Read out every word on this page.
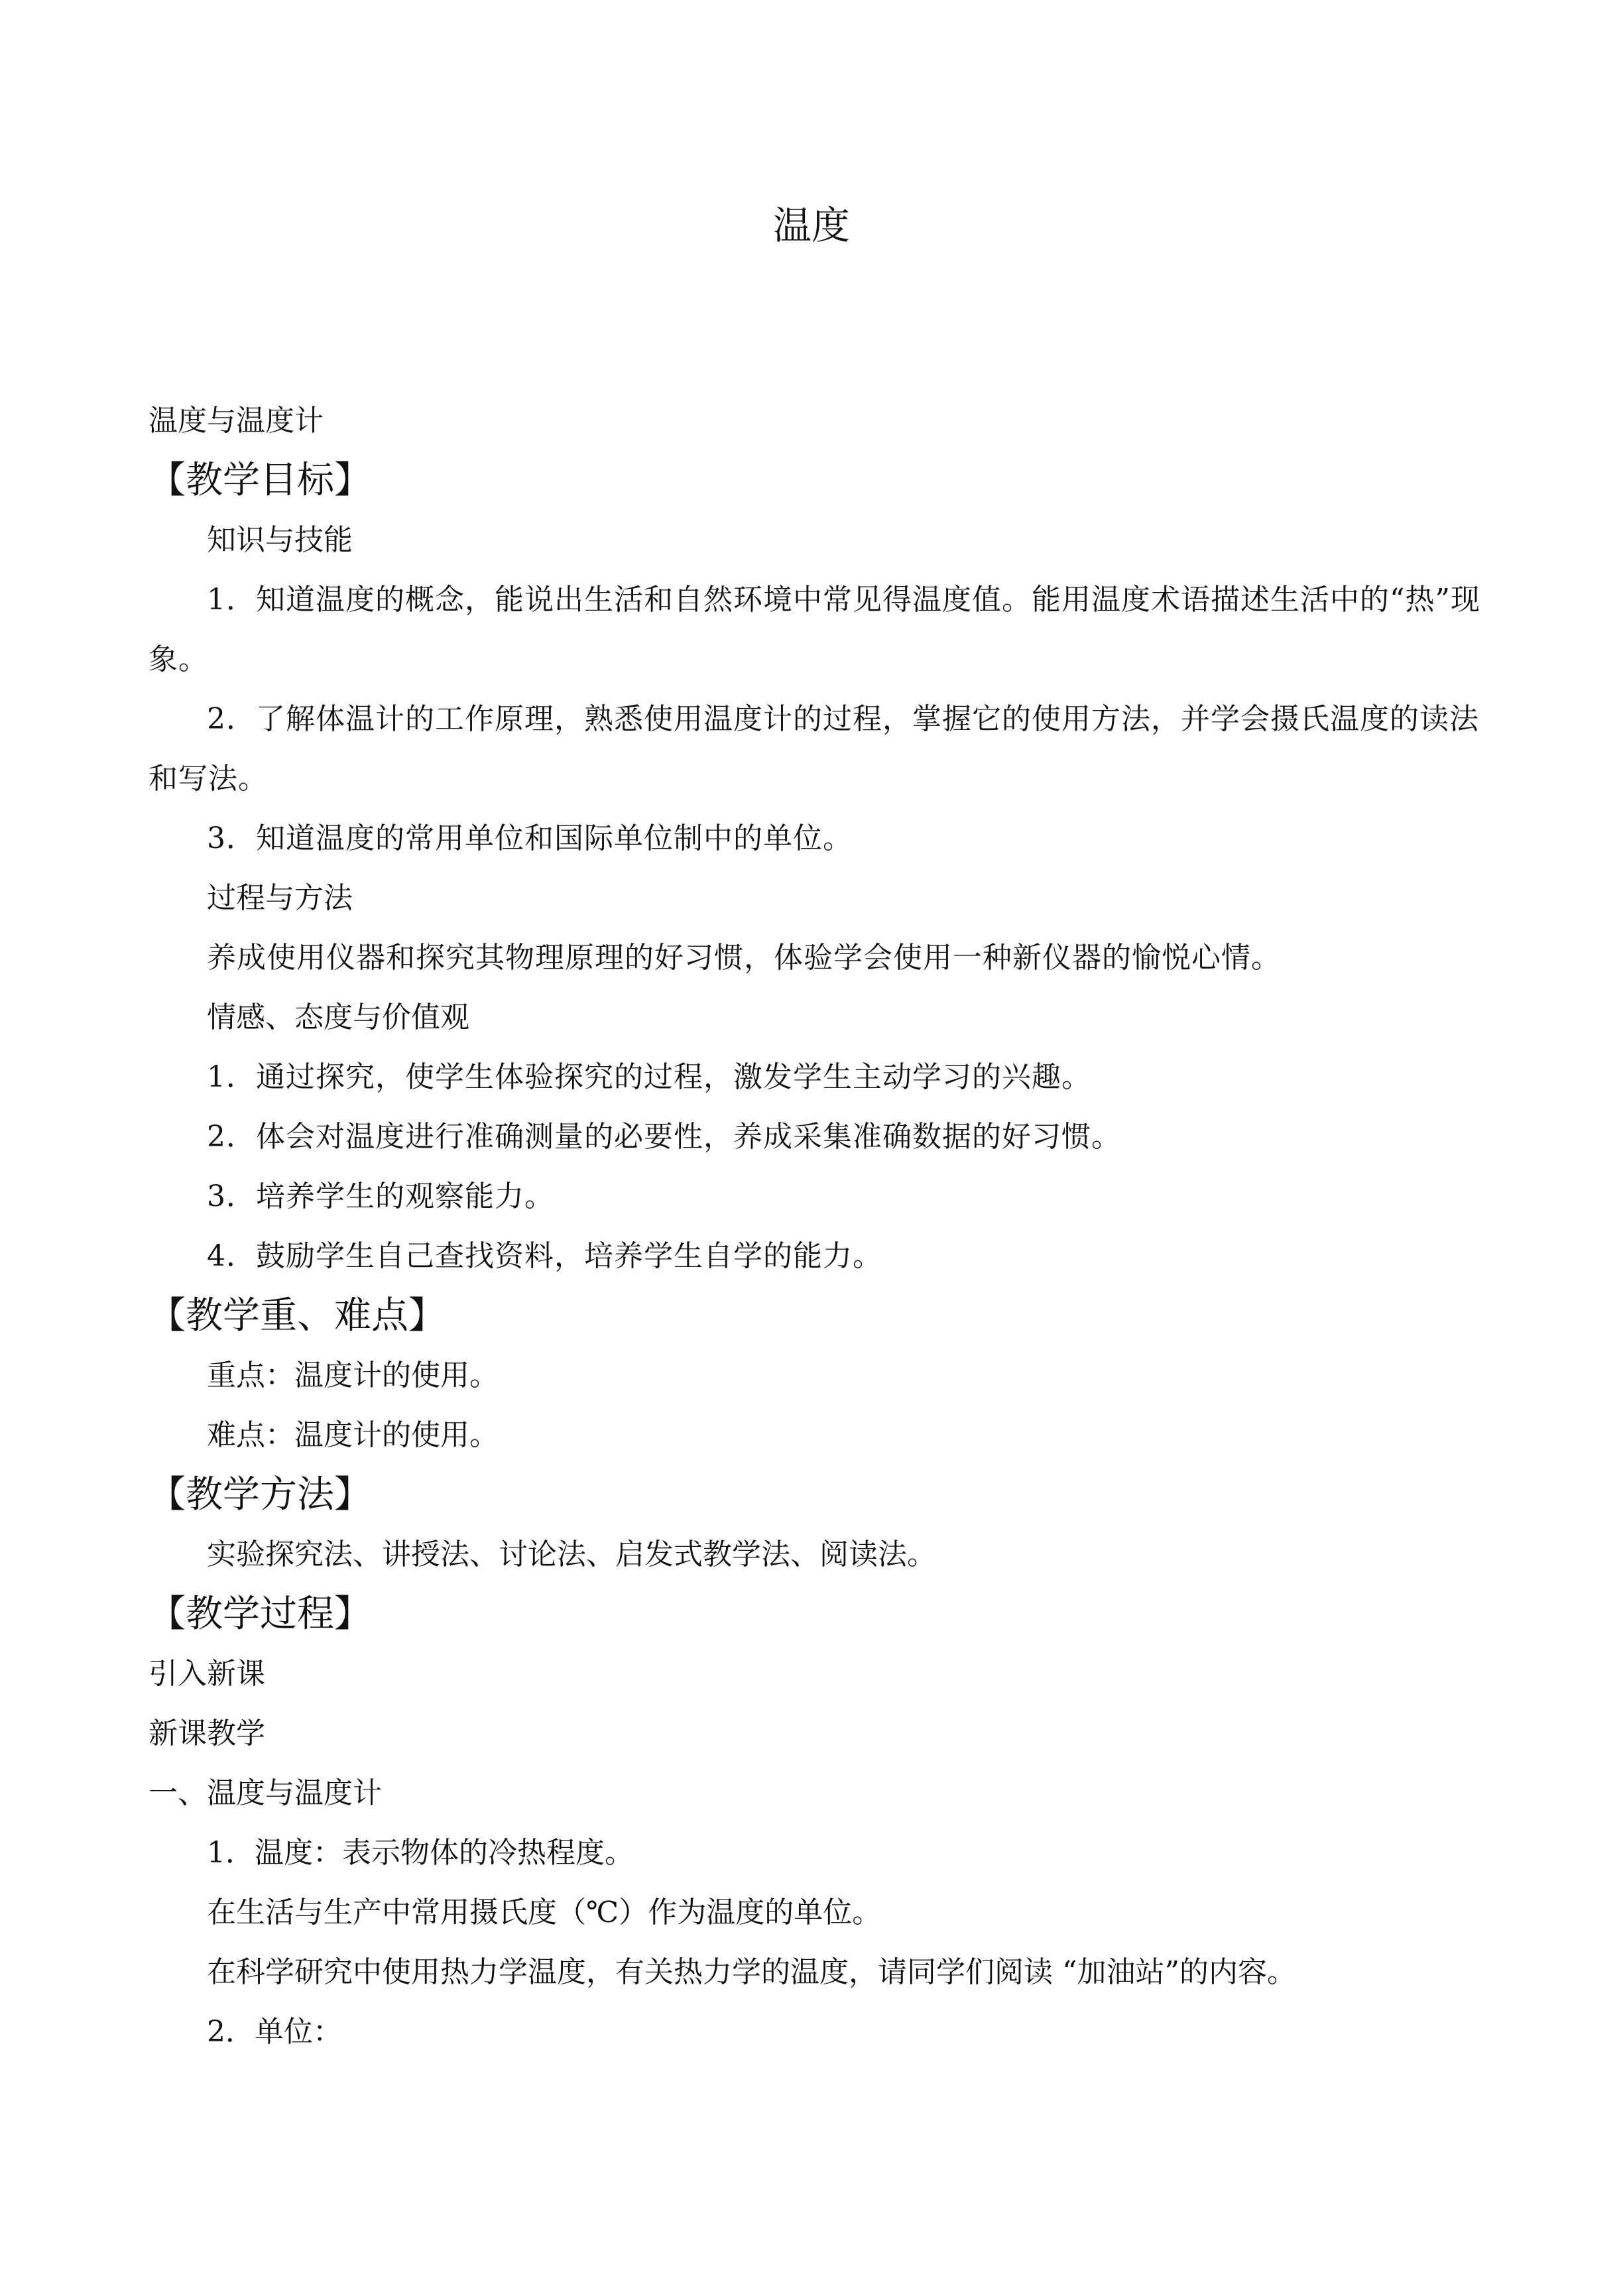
温度

温度与温度计

【教学目标】

知识与技能

1．知道温度的概念，能说出生活和自然环境中常见得温度值。能用温度术语描述生活中的“热”现象。

2．了解体温计的工作原理，熟悉使用温度计的过程，掌握它的使用方法，并学会摄氏温度的读法和写法。

3．知道温度的常用单位和国际单位制中的单位。

过程与方法

养成使用仪器和探究其物理原理的好习惯，体验学会使用一种新仪器的愉悦心情。

情感、态度与价值观

1．通过探究，使学生体验探究的过程，激发学生主动学习的兴趣。

2．体会对温度进行准确测量的必要性，养成采集准确数据的好习惯。

3．培养学生的观察能力。

4．鼓励学生自己查找资料，培养学生自学的能力。

【教学重、难点】

重点：温度计的使用。

难点：温度计的使用。

【教学方法】

实验探究法、讲授法、讨论法、启发式教学法、阅读法。

【教学过程】

引入新课

新课教学

一、温度与温度计

1．温度：表示物体的冷热程度。

在生活与生产中常用摄氏度（℃）作为温度的单位。

在科学研究中使用热力学温度，有关热力学的温度，请同学们阅读 “加油站”的内容。

2．单位：
